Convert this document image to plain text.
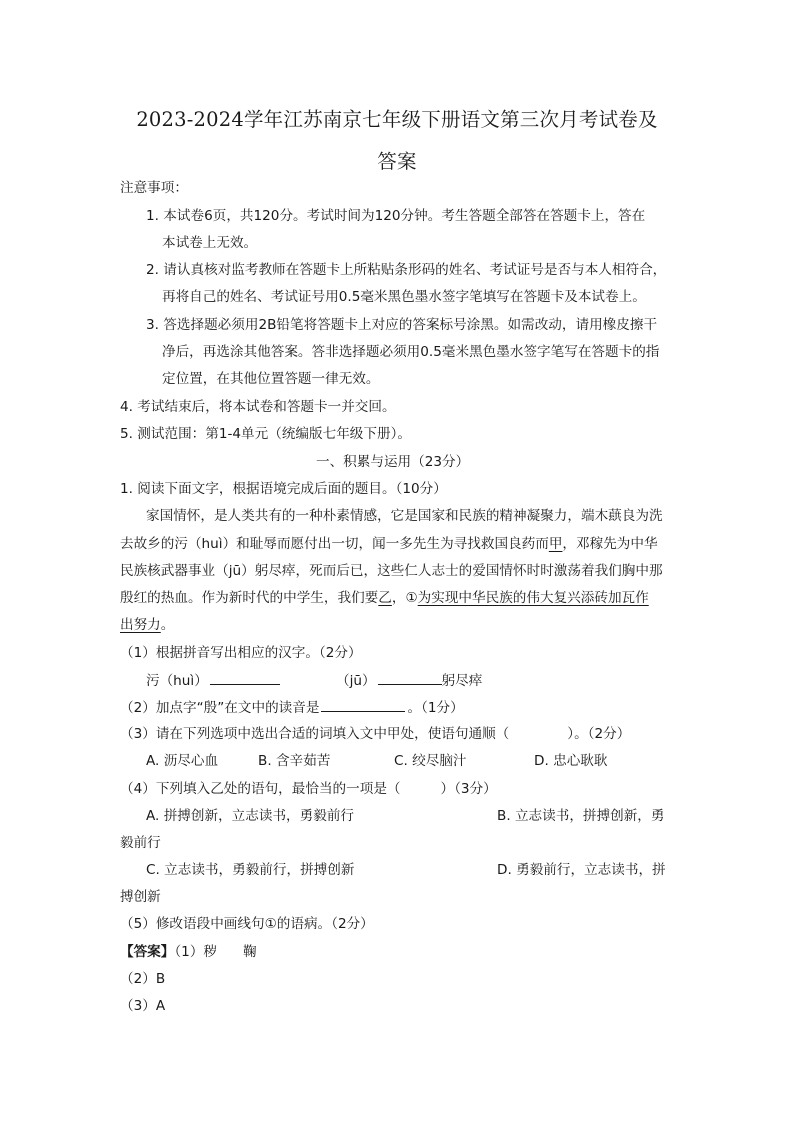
2023-2024学年江苏南京七年级下册语文第三次月考试卷及
答案
注意事项：
1. 本试卷6页，共120分。考试时间为120分钟。考生答题全部答在答题卡上，答在
本试卷上无效。
2. 请认真核对监考教师在答题卡上所粘贴条形码的姓名、考试证号是否与本人相符合，
再将自己的姓名、考试证号用0.5毫米黑色墨水签字笔填写在答题卡及本试卷上。
3. 答选择题必须用2B铅笔将答题卡上对应的答案标号涂黑。如需改动，请用橡皮擦干
净后，再选涂其他答案。答非选择题必须用0.5毫米黑色墨水签字笔写在答题卡的指
定位置，在其他位置答题一律无效。
4. 考试结束后，将本试卷和答题卡一并交回。
5. 测试范围：第1-4单元（统编版七年级下册）。
一、积累与运用（23分）
1. 阅读下面文字，根据语境完成后面的题目。（10分）
家国情怀，是人类共有的一种朴素情感，它是国家和民族的精神凝聚力，端木蕻良为洗
去故乡的污（huì）和耻辱而愿付出一切，闻一多先生为寻找救国良药而甲，邓稼先为中华
民族核武器事业（jū）躬尽瘁，死而后已，这些仁人志士的爱国情怀时时激荡着我们胸中那
殷红的热血。作为新时代的中学生，我们要乙，①为实现中华民族的伟大复兴添砖加瓦作
出努力。
（1）根据拼音写出相应的汉字。（2分）
污（huì）	（jū）	躬尽瘁
（2）加点字“殷”在文中的读音是	。（1分）
（3）请在下列选项中选出合适的词填入文中甲处，使语句通顺（	）。（2分）
A. 沥尽心血	B. 含辛茹苦	C. 绞尽脑汁	D. 忠心耿耿
（4）下列填入乙处的语句，最恰当的一项是（	）（3分）
A. 拼搏创新，立志读书，勇毅前行	B. 立志读书，拼搏创新，勇
毅前行
C. 立志读书，勇毅前行，拼搏创新	D. 勇毅前行，立志读书，拼
搏创新
（5）修改语段中画线句①的语病。（2分）
【答案】（1）秽 鞠
（2）B
（3）A
